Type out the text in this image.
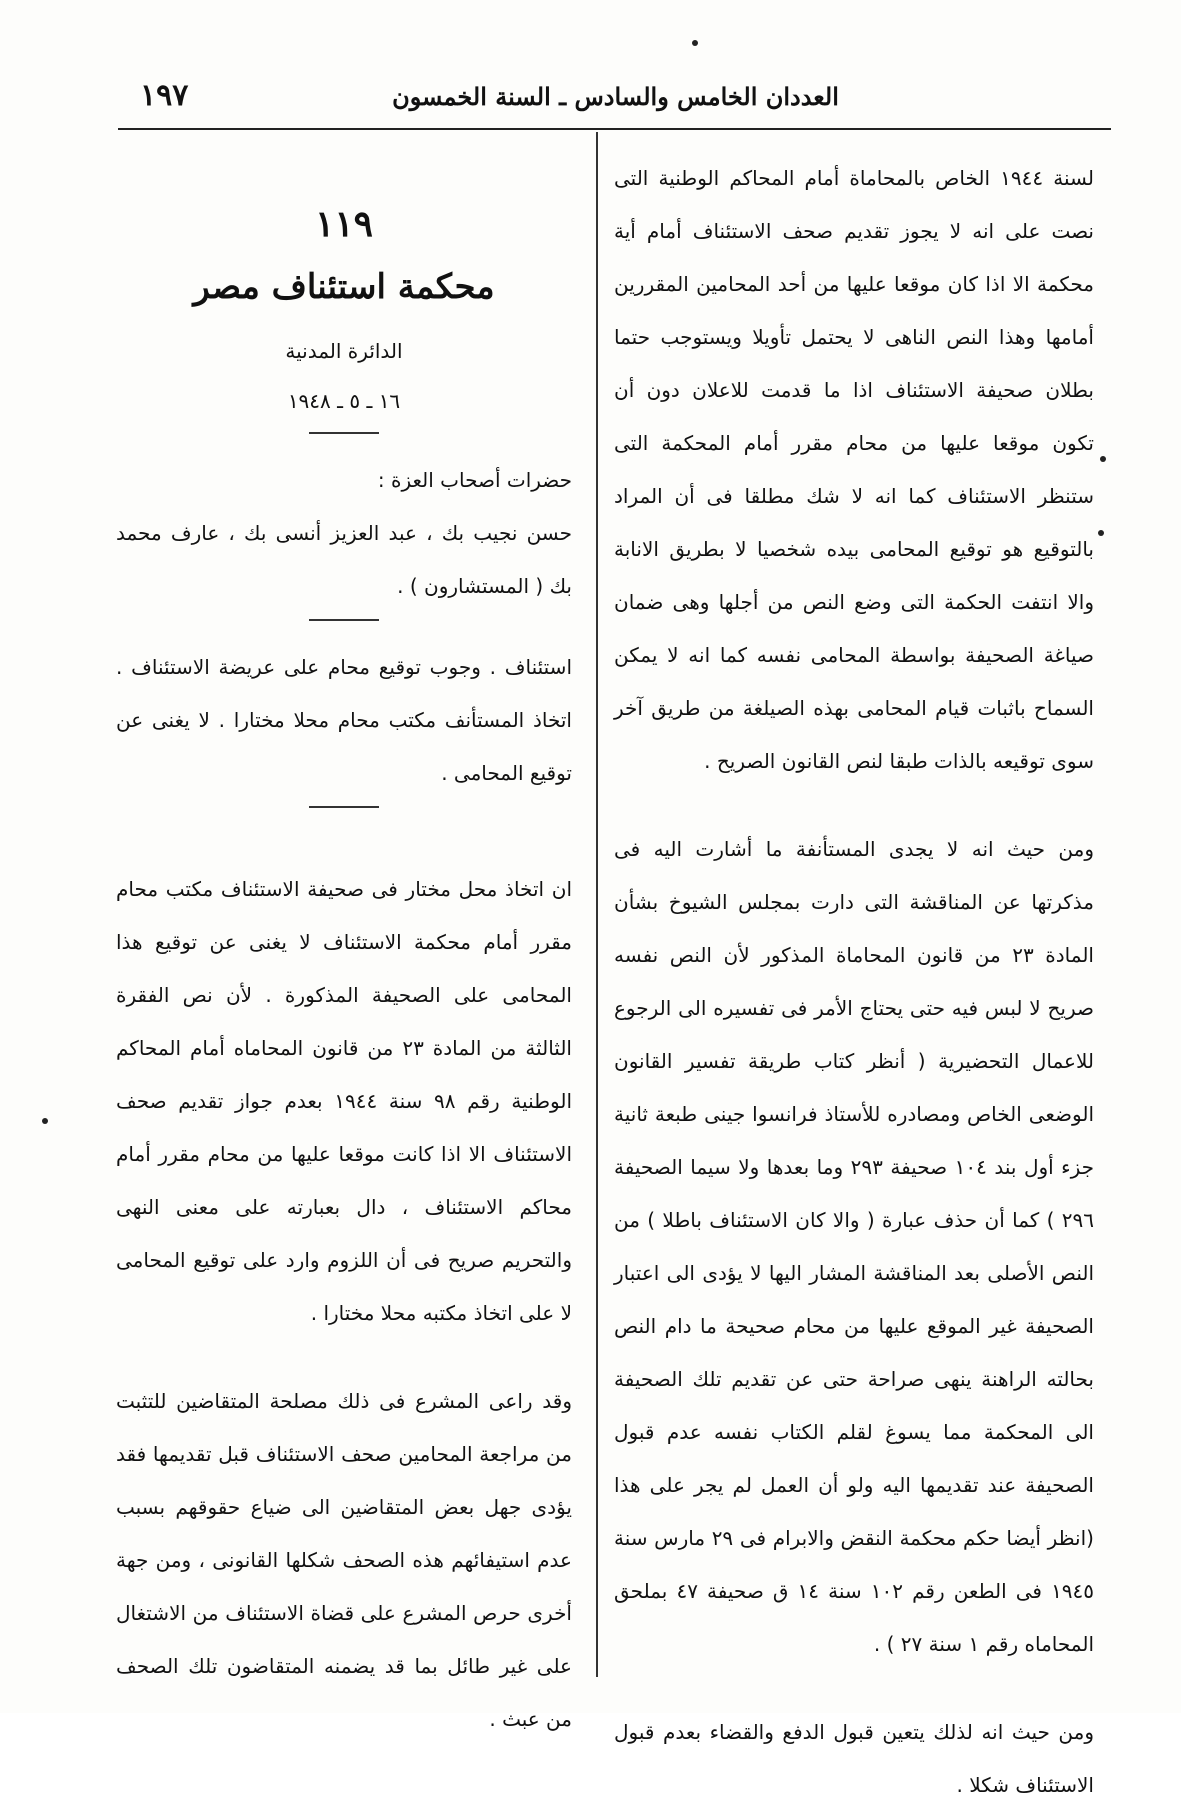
العددان الخامس والسادس ـ السنة الخمسون
١٩٧

لسنة ١٩٤٤ الخاص بالمحاماة أمام المحاكم الوطنية التى نصت على انه لا يجوز تقديم صحف الاستئناف أمام أية محكمة الا اذا كان موقعا عليها من أحد المحامين المقررين أمامها وهذا النص الناهى لا يحتمل تأويلا ويستوجب حتما بطلان صحيفة الاستئناف اذا ما قدمت للاعلان دون أن تكون موقعا عليها من محام مقرر أمام المحكمة التى ستنظر الاستئناف كما انه لا شك مطلقا فى أن المراد بالتوقيع هو توقيع المحامى بيده شخصيا لا بطريق الانابة والا انتفت الحكمة التى وضع النص من أجلها وهى ضمان صياغة الصحيفة بواسطة المحامى نفسه كما انه لا يمكن السماح باثبات قيام المحامى بهذه الصيلغة من طريق آخر سوى توقيعه بالذات طبقا لنص القانون الصريح .

ومن حيث انه لا يجدى المستأنفة ما أشارت اليه فى مذكرتها عن المناقشة التى دارت بمجلس الشيوخ بشأن المادة ٢٣ من قانون المحاماة المذكور لأن النص نفسه صريح لا لبس فيه حتى يحتاج الأمر فى تفسيره الى الرجوع للاعمال التحضيرية ( أنظر كتاب طريقة تفسير القانون الوضعى الخاص ومصادره للأستاذ فرانسوا جينى طبعة ثانية جزء أول بند ١٠٤ صحيفة ٢٩٣ وما بعدها ولا سيما الصحيفة ٢٩٦ ) كما أن حذف عبارة ( والا كان الاستئناف باطلا ) من النص الأصلى بعد المناقشة المشار اليها لا يؤدى الى اعتبار الصحيفة غير الموقع عليها من محام صحيحة ما دام النص بحالته الراهنة ينهى صراحة حتى عن تقديم تلك الصحيفة الى المحكمة مما يسوغ لقلم الكتاب نفسه عدم قبول الصحيفة عند تقديمها اليه ولو أن العمل لم يجر على هذا (انظر أيضا حكم محكمة النقض والابرام فى ٢٩ مارس سنة ١٩٤٥ فى الطعن رقم ١٠٢ سنة ١٤ ق صحيفة ٤٧ بملحق المحاماه رقم ١ سنة ٢٧ ) .

ومن حيث انه لذلك يتعين قبول الدفع والقضاء بعدم قبول الاستئناف شكلا .

١١٩
محكمة استئناف مصر
الدائرة المدنية
١٦ ـ ٥ ـ ١٩٤٨

حضرات أصحاب العزة :

حسن نجيب بك ، عبد العزيز أنسى بك ، عارف محمد بك ( المستشارون ) .

استئناف . وجوب توقيع محام على عريضة الاستئناف . اتخاذ المستأنف مكتب محام محلا مختارا . لا يغنى عن توقيع المحامى .

ان اتخاذ محل مختار فى صحيفة الاستئناف مكتب محام مقرر أمام محكمة الاستئناف لا يغنى عن توقيع هذا المحامى على الصحيفة المذكورة . لأن نص الفقرة الثالثة من المادة ٢٣ من قانون المحاماه أمام المحاكم الوطنية رقم ٩٨ سنة ١٩٤٤ بعدم جواز تقديم صحف الاستئناف الا اذا كانت موقعا عليها من محام مقرر أمام محاكم الاستئناف ، دال بعبارته على معنى النهى والتحريم صريح فى أن اللزوم وارد على توقيع المحامى لا على اتخاذ مكتبه محلا مختارا .

وقد راعى المشرع فى ذلك مصلحة المتقاضين للتثبت من مراجعة المحامين صحف الاستئناف قبل تقديمها فقد يؤدى جهل بعض المتقاضين الى ضياع حقوقهم بسبب عدم استيفائهم هذه الصحف شكلها القانونى ، ومن جهة أخرى حرص المشرع على قضاة الاستئناف من الاشتغال على غير طائل بما قد يضمنه المتقاضون تلك الصحف من عبث .
